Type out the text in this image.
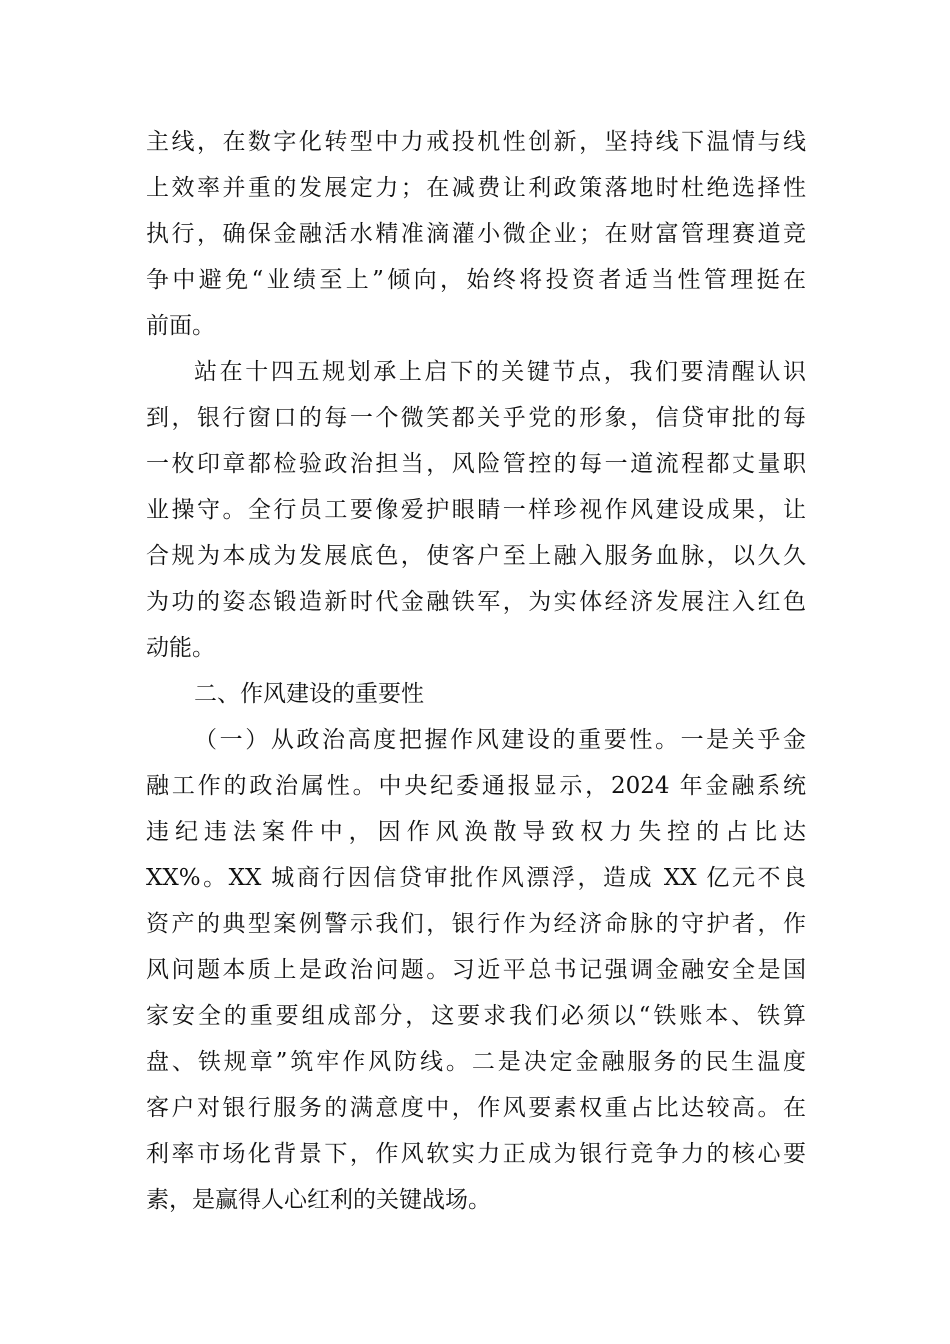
主线，在数字化转型中力戒投机性创新，坚持线下温情与线
上效率并重的发展定力；在减费让利政策落地时杜绝选择性
执行，确保金融活水精准滴灌小微企业；在财富管理赛道竞
争中避免“业绩至上”倾向，始终将投资者适当性管理挺在
前面。
站在十四五规划承上启下的关键节点，我们要清醒认识
到，银行窗口的每一个微笑都关乎党的形象，信贷审批的每
一枚印章都检验政治担当，风险管控的每一道流程都丈量职
业操守。全行员工要像爱护眼睛一样珍视作风建设成果，让
合规为本成为发展底色，使客户至上融入服务血脉，以久久
为功的姿态锻造新时代金融铁军，为实体经济发展注入红色
动能。
二、作风建设的重要性
（一）从政治高度把握作风建设的重要性。一是关乎金
融工作的政治属性。中央纪委通报显示，2024 年金融系统
违纪违法案件中，因作风涣散导致权力失控的占比达
XX%。XX 城商行因信贷审批作风漂浮，造成 XX 亿元不良
资产的典型案例警示我们，银行作为经济命脉的守护者，作
风问题本质上是政治问题。习近平总书记强调金融安全是国
家安全的重要组成部分，这要求我们必须以“铁账本、铁算
盘、铁规章”筑牢作风防线。二是决定金融服务的民生温度
客户对银行服务的满意度中，作风要素权重占比达较高。在
利率市场化背景下，作风软实力正成为银行竞争力的核心要
素，是赢得人心红利的关键战场。
